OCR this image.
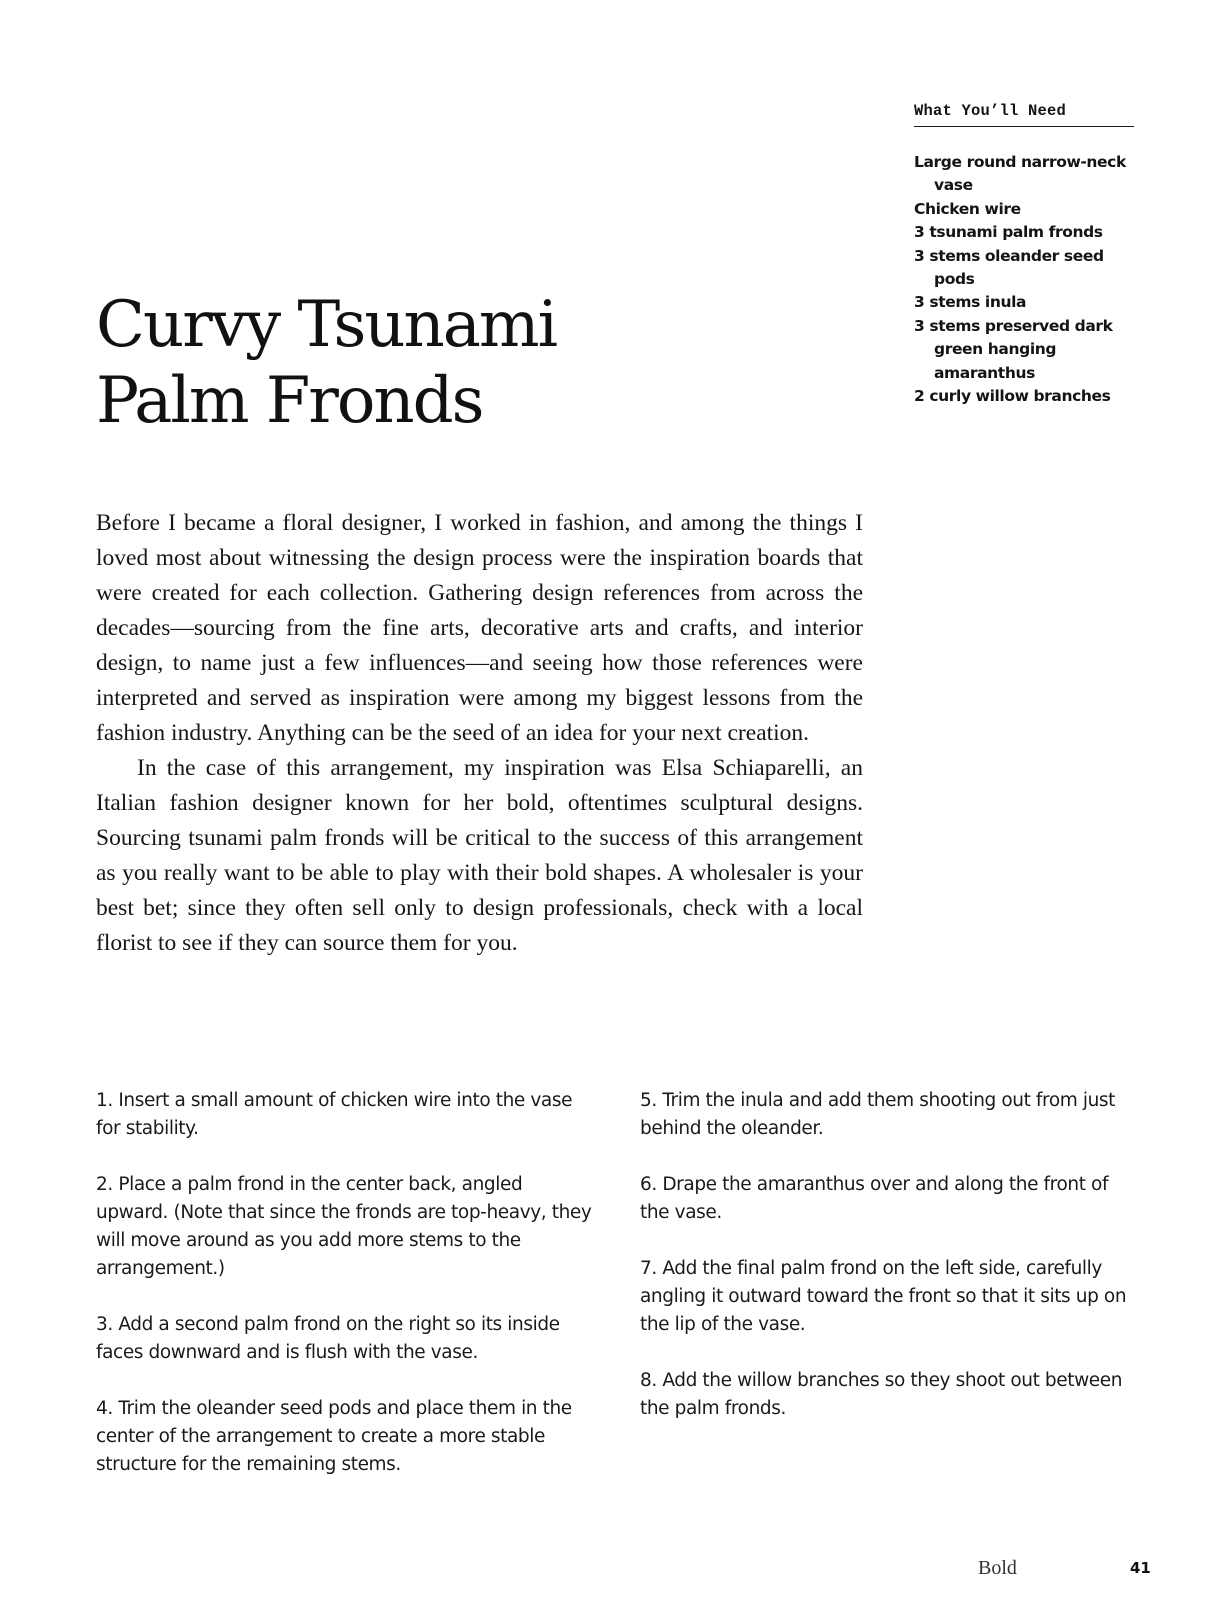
What You’ll Need
Large round narrow-neck vase
Chicken wire
3 tsunami palm fronds
3 stems oleander seed pods
3 stems inula
3 stems preserved dark green hanging amaranthus
2 curly willow branches
Curvy Tsunami
Palm Fronds

Before I became a floral designer, I worked in fashion, and among the things I loved most about witnessing the design process were the inspiration boards that were created for each collection. Gathering design references from across the decades—sourcing from the fine arts, decorative arts and crafts, and interior design, to name just a few influences—and seeing how those references were interpreted and served as inspiration were among my biggest lessons from the fashion industry. Anything can be the seed of an idea for your next creation.

In the case of this arrangement, my inspiration was Elsa Schiaparelli, an Italian fashion designer known for her bold, oftentimes sculptural designs. Sourcing tsunami palm fronds will be critical to the success of this arrangement as you really want to be able to play with their bold shapes. A wholesaler is your best bet; since they often sell only to design professionals, check with a local florist to see if they can source them for you.

1. Insert a small amount of chicken wire into the vase for stability.

2. Place a palm frond in the center back, angled upward. (Note that since the fronds are top-heavy, they will move around as you add more stems to the arrangement.)

3. Add a second palm frond on the right so its inside faces downward and is flush with the vase.

4. Trim the oleander seed pods and place them in the center of the arrangement to create a more stable structure for the remaining stems.

5. Trim the inula and add them shooting out from just behind the oleander.

6. Drape the amaranthus over and along the front of the vase.

7. Add the final palm frond on the left side, carefully angling it outward toward the front so that it sits up on the lip of the vase.

8. Add the willow branches so they shoot out between the palm fronds.

Bold	41
